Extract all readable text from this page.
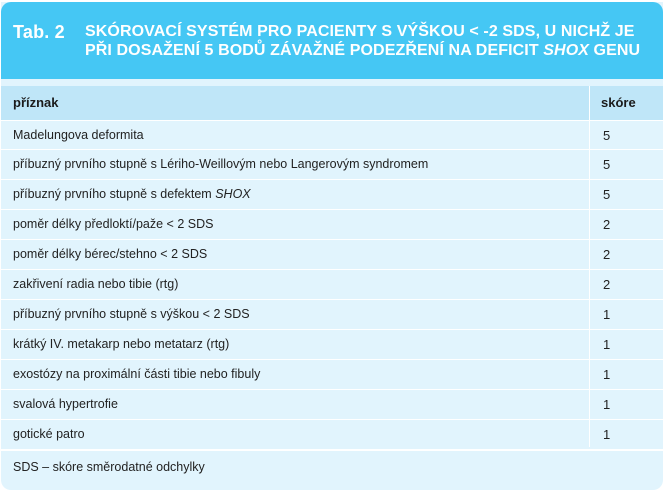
Tab. 2 SKÓROVACÍ SYSTÉM PRO PACIENTY S VÝŠKOU < -2 SDS, U NICHŽ JE PŘI DOSAŽENÍ 5 BODŮ ZÁVAŽNÉ PODEZŘENÍ NA DEFICIT SHOX GENU
příznak	skóre
Madelungova deformita	5
příbuzný prvního stupně s Lériho-Weillovým nebo Langerovým syndromem	5
příbuzný prvního stupně s defektem SHOX	5
poměr délky předloktí/paže < 2 SDS	2
poměr délky bérec/stehno < 2 SDS	2
zakřivení radia nebo tibie (rtg)	2
příbuzný prvního stupně s výškou < 2 SDS	1
krátký IV. metakarp nebo metatarz (rtg)	1
exostózy na proximální části tibie nebo fibuly	1
svalová hypertrofie	1
gotické patro	1
SDS – skóre směrodatné odchylky
